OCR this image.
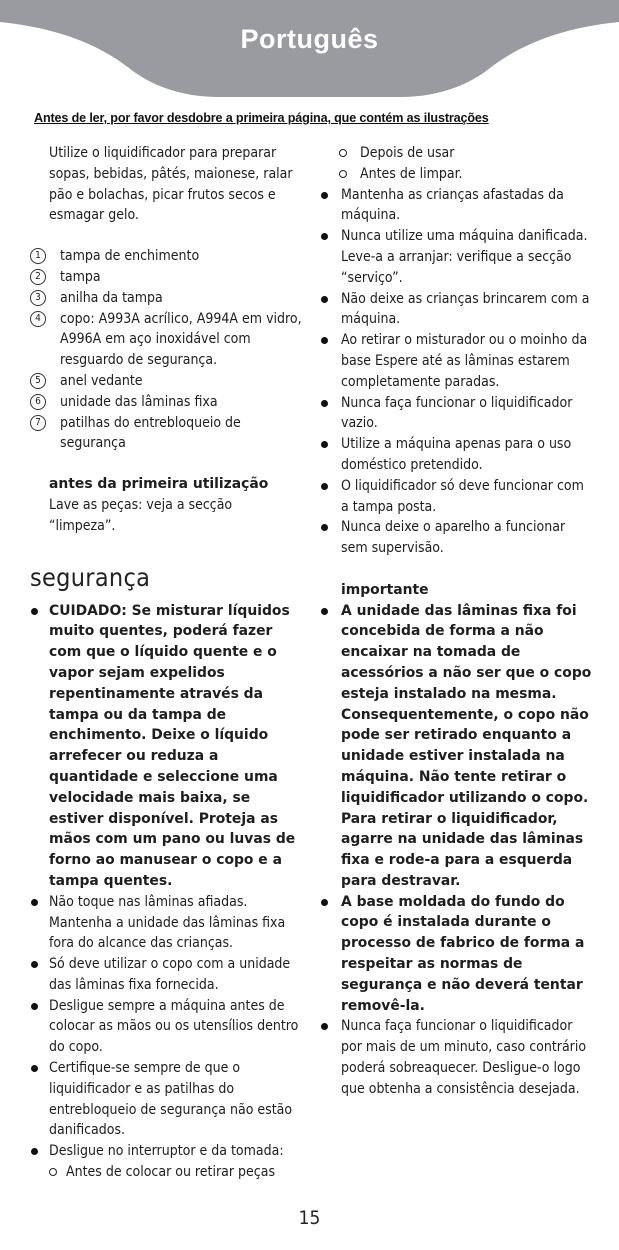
Português
Antes de ler, por favor desdobre a primeira página, que contém as ilustrações

Utilize o liquidificador para preparar sopas, bebidas, pâtés, maionese, ralar pão e bolachas, picar frutos secos e esmagar gelo.

1	tampa de enchimento
2	tampa
3	anilha da tampa
4	copo: A993A acrílico, A994A em vidro, A996A em aço inoxidável com resguardo de segurança.
5	anel vedante
6	unidade das lâminas fixa
7	patilhas do entrebloqueio de segurança
antes da primeira utilização
Lave as peças: veja a secção “limpeza”.
segurança
CUIDADO: Se misturar líquidos muito quentes, poderá fazer com que o líquido quente e o vapor sejam expelidos repentinamente através da tampa ou da tampa de enchimento. Deixe o líquido arrefecer ou reduza a quantidade e seleccione uma velocidade mais baixa, se estiver disponível. Proteja as mãos com um pano ou luvas de forno ao manusear o copo e a tampa quentes.
Não toque nas lâminas afiadas. Mantenha a unidade das lâminas fixa fora do alcance das crianças.
Só deve utilizar o copo com a unidade das lâminas fixa fornecida.
Desligue sempre a máquina antes de colocar as mãos ou os utensílios dentro do copo.
Certifique-se sempre de que o liquidificador e as patilhas do entrebloqueio de segurança não estão danificados.
Desligue no interruptor e da tomada:
Antes de colocar ou retirar peças
Depois de usar
Antes de limpar.
Mantenha as crianças afastadas da máquina.
Nunca utilize uma máquina danificada. Leve-a a arranjar: verifique a secção “serviço”.
Não deixe as crianças brincarem com a máquina.
Ao retirar o misturador ou o moinho da base Espere até as lâminas estarem completamente paradas.
Nunca faça funcionar o liquidificador vazio.
Utilize a máquina apenas para o uso doméstico pretendido.
O liquidificador só deve funcionar com a tampa posta.
Nunca deixe o aparelho a funcionar sem supervisão.
importante
A unidade das lâminas fixa foi concebida de forma a não encaixar na tomada de acessórios a não ser que o copo esteja instalado na mesma. Consequentemente, o copo não pode ser retirado enquanto a unidade estiver instalada na máquina. Não tente retirar o liquidificador utilizando o copo. Para retirar o liquidificador, agarre na unidade das lâminas fixa e rode-a para a esquerda para destravar.
A base moldada do fundo do copo é instalada durante o processo de fabrico de forma a respeitar as normas de segurança e não deverá tentar removê-la.
Nunca faça funcionar o liquidificador por mais de um minuto, caso contrário poderá sobreaquecer. Desligue-o logo que obtenha a consistência desejada.
15
